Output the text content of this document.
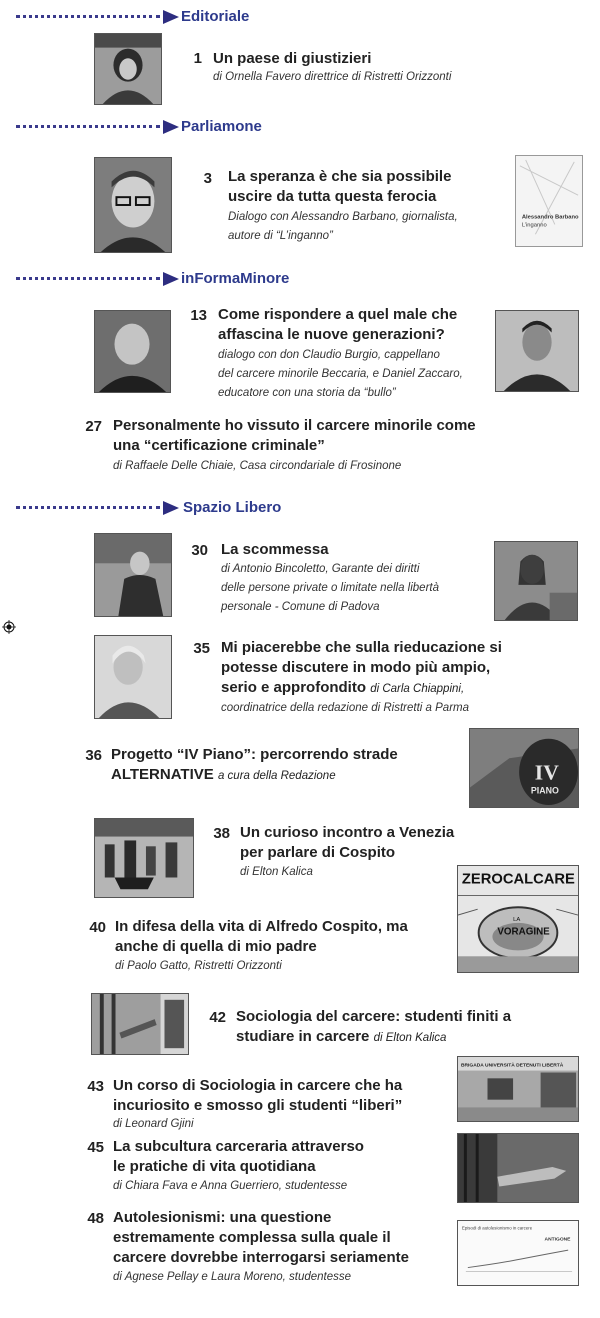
Editoriale
1 Un paese di giustizieri
di Ornella Favero direttrice di Ristretti Orizzonti
Parliamone
3 La speranza è che sia possibile
uscire da tutta questa ferocia
Dialogo con Alessandro Barbano, giornalista,
autore di “L’inganno”
Alessandro Barbano
L’inganno
inFormaMinore
13 Come rispondere a quel male che
affascina le nuove generazioni?
dialogo con don Claudio Burgio, cappellano
del carcere minorile Beccaria, e Daniel Zaccaro,
educatore con una storia da “bullo”
27 Personalmente ho vissuto il carcere minorile come
una “certificazione criminale”
di Raffaele Delle Chiaie, Casa circondariale di Frosinone
Spazio Libero
30 La scommessa
di Antonio Bincoletto, Garante dei diritti
delle persone private o limitate nella libertà
personale - Comune di Padova
35 Mi piacerebbe che sulla rieducazione si
potesse discutere in modo più ampio,
serio e approfondito di Carla Chiappini,
coordinatrice della redazione di Ristretti a Parma
36 Progetto “IV Piano”: percorrendo strade
ALTERNATIVE a cura della Redazione	IV
PIANO
38 Un curioso incontro a Venezia
per parlare di Cospito
di Elton Kalica	ZEROCALCARE
LA
VORAGINE
40 In difesa della vita di Alfredo Cospito, ma
anche di quella di mio padre
di Paolo Gatto, Ristretti Orizzonti
42 Sociologia del carcere: studenti finiti a
studiare in carcere di Elton Kalica
BRIGADA UNIVERSITÀ DETENUTI LIBERTÀ
43 Un corso di Sociologia in carcere che ha
incuriosito e smosso gli studenti “liberi”
di Leonard Gjini
45 La subcultura carceraria attraverso
le pratiche di vita quotidiana
di Chiara Fava e Anna Guerriero, studentesse
Episodi di autolesionismo in carcere
ANTIGONE
48 Autolesionismi: una questione
estremamente complessa sulla quale il
carcere dovrebbe interrogarsi seriamente
di Agnese Pellay e Laura Moreno, studentesse
